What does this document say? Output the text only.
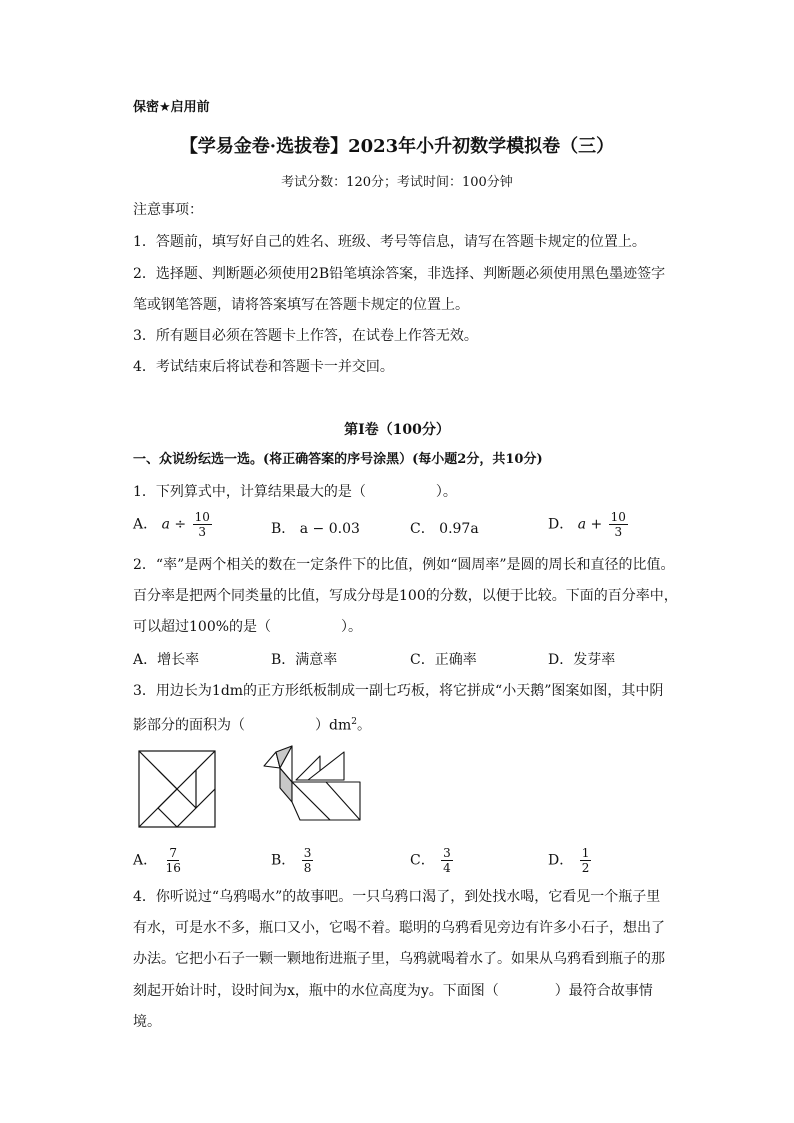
保密★启用前
【学易金卷·选拔卷】2023年小升初数学模拟卷（三）
考试分数：120分；考试时间：100分钟
注意事项：
1．答题前，填写好自己的姓名、班级、考号等信息，请写在答题卡规定的位置上。
2．选择题、判断题必须使用2B铅笔填涂答案，非选择、判断题必须使用黑色墨迹签字
笔或钢笔答题，请将答案填写在答题卡规定的位置上。
3．所有题目必须在答题卡上作答，在试卷上作答无效。
4．考试结束后将试卷和答题卡一并交回。
第Ⅰ卷（100分）
一、众说纷纭选一选。(将正确答案的序号涂黑）(每小题2分，共10分)
1．下列算式中，计算结果最大的是（　　　　　）。
A． $a \div \frac{10}{3}$	B． a − 0.03	C． 0.97a	D． $a + \frac{10}{3}$
2．“率”是两个相关的数在一定条件下的比值，例如“圆周率”是圆的周长和直径的比值。
百分率是把两个同类量的比值，写成分母是100的分数，以便于比较。下面的百分率中，
可以超过100%的是（　　　　　）。
A．增长率	B．满意率	C．正确率	D．发芽率
3．用边长为1dm的正方形纸板制成一副七巧板，将它拼成“小天鹅”图案如图，其中阴
影部分的面积为（　　　　　）$dm^2$。
A． $\frac{7}{16}$	B． $\frac{3}{8}$	C． $\frac{3}{4}$	D． $\frac{1}{2}$
4．你听说过“乌鸦喝水”的故事吧。一只乌鸦口渴了，到处找水喝，它看见一个瓶子里
有水，可是水不多，瓶口又小，它喝不着。聪明的乌鸦看见旁边有许多小石子，想出了
办法。它把小石子一颗一颗地衔进瓶子里，乌鸦就喝着水了。如果从乌鸦看到瓶子的那
刻起开始计时，设时间为x，瓶中的水位高度为y。下面图（　　　　）最符合故事情
境。
